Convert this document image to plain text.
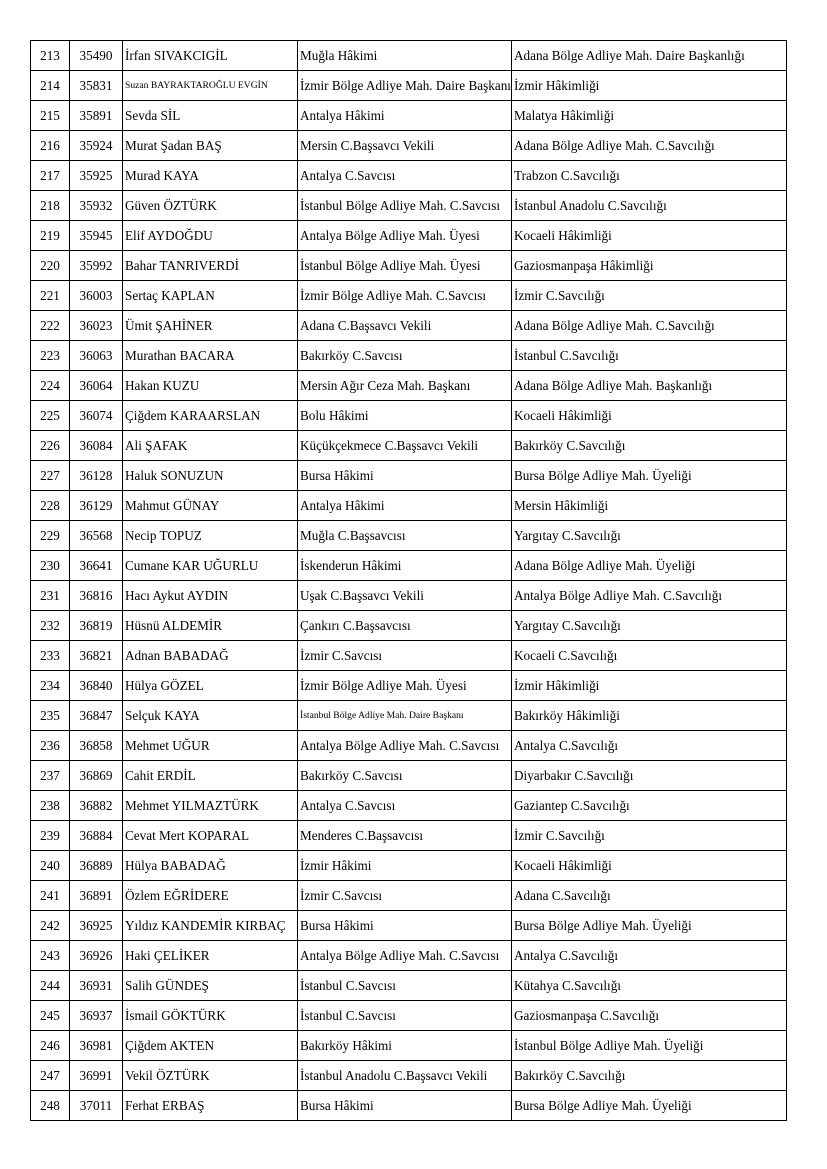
213	35490	İrfan SIVAKCIGİL	Muğla Hâkimi	Adana Bölge Adliye Mah. Daire Başkanlığı
214	35831	Suzan BAYRAKTAROĞLU EVGİN	İzmir Bölge Adliye Mah. Daire Başkanı	İzmir Hâkimliği
215	35891	Sevda SİL	Antalya Hâkimi	Malatya Hâkimliği
216	35924	Murat Şadan BAŞ	Mersin C.Başsavcı Vekili	Adana Bölge Adliye Mah. C.Savcılığı
217	35925	Murad KAYA	Antalya C.Savcısı	Trabzon C.Savcılığı
218	35932	Güven ÖZTÜRK	İstanbul Bölge Adliye Mah. C.Savcısı	İstanbul Anadolu C.Savcılığı
219	35945	Elif AYDOĞDU	Antalya Bölge Adliye Mah. Üyesi	Kocaeli Hâkimliği
220	35992	Bahar TANRIVERDİ	İstanbul Bölge Adliye Mah. Üyesi	Gaziosmanpaşa Hâkimliği
221	36003	Sertaç KAPLAN	İzmir Bölge Adliye Mah. C.Savcısı	İzmir C.Savcılığı
222	36023	Ümit ŞAHİNER	Adana C.Başsavcı Vekili	Adana Bölge Adliye Mah. C.Savcılığı
223	36063	Murathan BACARA	Bakırköy C.Savcısı	İstanbul C.Savcılığı
224	36064	Hakan KUZU	Mersin Ağır Ceza Mah. Başkanı	Adana Bölge Adliye Mah. Başkanlığı
225	36074	Çiğdem KARAARSLAN	Bolu Hâkimi	Kocaeli Hâkimliği
226	36084	Ali ŞAFAK	Küçükçekmece C.Başsavcı Vekili	Bakırköy C.Savcılığı
227	36128	Haluk SONUZUN	Bursa Hâkimi	Bursa Bölge Adliye Mah. Üyeliği
228	36129	Mahmut GÜNAY	Antalya Hâkimi	Mersin Hâkimliği
229	36568	Necip TOPUZ	Muğla C.Başsavcısı	Yargıtay C.Savcılığı
230	36641	Cumane KAR UĞURLU	İskenderun Hâkimi	Adana Bölge Adliye Mah. Üyeliği
231	36816	Hacı Aykut AYDIN	Uşak C.Başsavcı Vekili	Antalya Bölge Adliye Mah. C.Savcılığı
232	36819	Hüsnü ALDEMİR	Çankırı C.Başsavcısı	Yargıtay C.Savcılığı
233	36821	Adnan BABADAĞ	İzmir C.Savcısı	Kocaeli C.Savcılığı
234	36840	Hülya GÖZEL	İzmir Bölge Adliye Mah. Üyesi	İzmir Hâkimliği
235	36847	Selçuk KAYA	İstanbul Bölge Adliye Mah. Daire Başkanı	Bakırköy Hâkimliği
236	36858	Mehmet UĞUR	Antalya Bölge Adliye Mah. C.Savcısı	Antalya C.Savcılığı
237	36869	Cahit ERDİL	Bakırköy C.Savcısı	Diyarbakır C.Savcılığı
238	36882	Mehmet YILMAZTÜRK	Antalya C.Savcısı	Gaziantep C.Savcılığı
239	36884	Cevat Mert KOPARAL	Menderes C.Başsavcısı	İzmir C.Savcılığı
240	36889	Hülya BABADAĞ	İzmir Hâkimi	Kocaeli Hâkimliği
241	36891	Özlem EĞRİDERE	İzmir C.Savcısı	Adana C.Savcılığı
242	36925	Yıldız KANDEMİR KIRBAÇ	Bursa Hâkimi	Bursa Bölge Adliye Mah. Üyeliği
243	36926	Haki ÇELİKER	Antalya Bölge Adliye Mah. C.Savcısı	Antalya C.Savcılığı
244	36931	Salih GÜNDEŞ	İstanbul C.Savcısı	Kütahya C.Savcılığı
245	36937	İsmail GÖKTÜRK	İstanbul C.Savcısı	Gaziosmanpaşa C.Savcılığı
246	36981	Çiğdem AKTEN	Bakırköy Hâkimi	İstanbul Bölge Adliye Mah. Üyeliği
247	36991	Vekil ÖZTÜRK	İstanbul Anadolu C.Başsavcı Vekili	Bakırköy C.Savcılığı
248	37011	Ferhat ERBAŞ	Bursa Hâkimi	Bursa Bölge Adliye Mah. Üyeliği
